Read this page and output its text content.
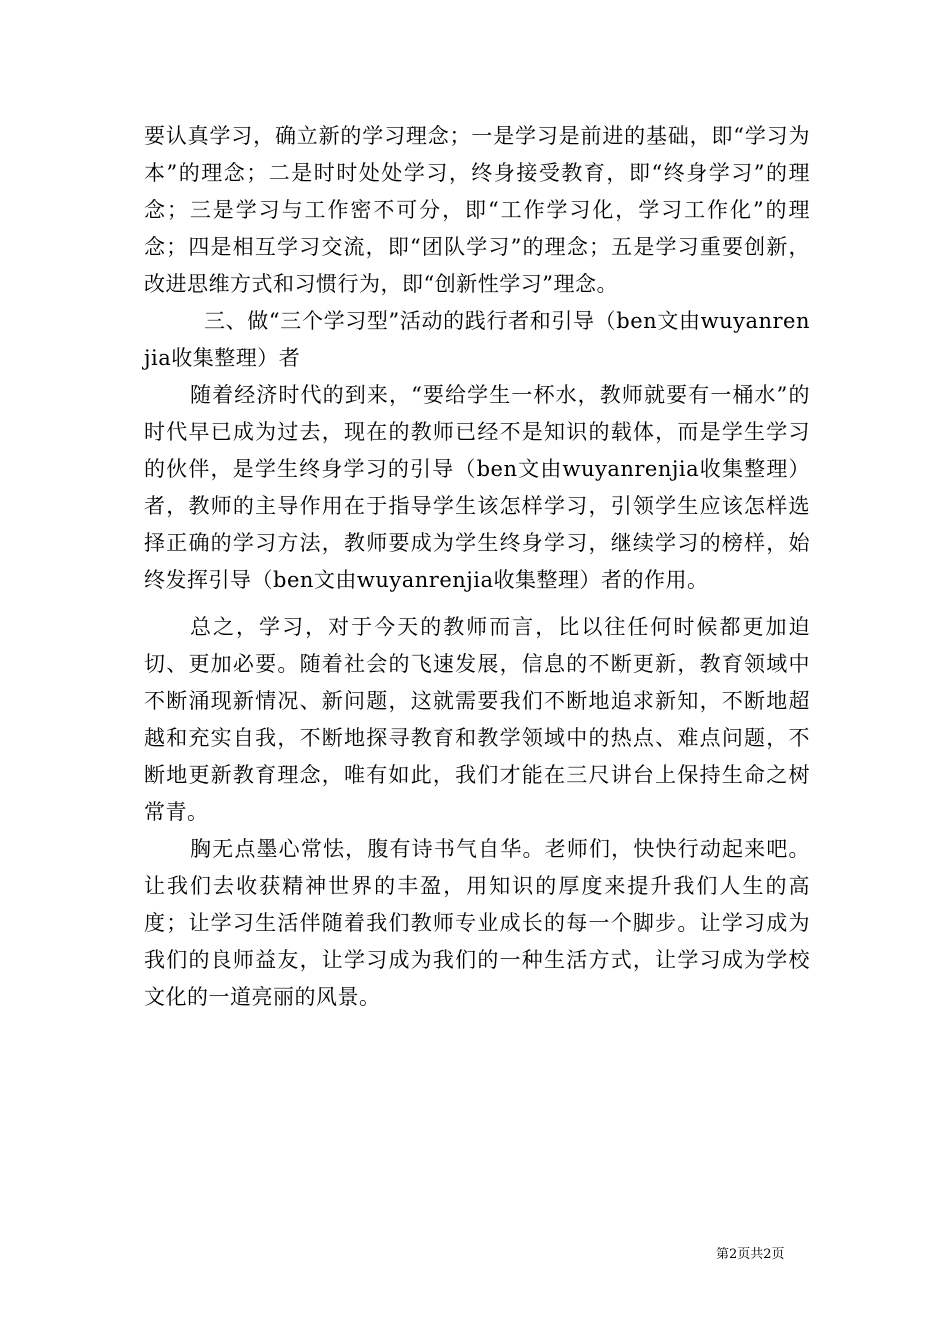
要认真学习，确立新的学习理念；一是学习是前进的基础，即“学习为本”的理念；二是时时处处学习，终身接受教育，即“终身学习”的理念；三是学习与工作密不可分，即“工作学习化，学习工作化”的理念；四是相互学习交流，即“团队学习”的理念；五是学习重要创新，改进思维方式和习惯行为，即“创新性学习”理念。

三、做“三个学习型”活动的践行者和引导（ben文由wuyanrenjia收集整理）者

随着经济时代的到来，“要给学生一杯水，教师就要有一桶水”的时代早已成为过去，现在的教师已经不是知识的载体，而是学生学习的伙伴，是学生终身学习的引导（ben文由wuyanrenjia收集整理）者，教师的主导作用在于指导学生该怎样学习，引领学生应该怎样选择正确的学习方法，教师要成为学生终身学习，继续学习的榜样，始终发挥引导（ben文由wuyanrenjia收集整理）者的作用。

总之，学习，对于今天的教师而言，比以往任何时候都更加迫切、更加必要。随着社会的飞速发展，信息的不断更新，教育领域中不断涌现新情况、新问题，这就需要我们不断地追求新知，不断地超越和充实自我，不断地探寻教育和教学领域中的热点、难点问题，不断地更新教育理念，唯有如此，我们才能在三尺讲台上保持生命之树常青。

胸无点墨心常怯，腹有诗书气自华。老师们，快快行动起来吧。让我们去收获精神世界的丰盈，用知识的厚度来提升我们人生的高度；让学习生活伴随着我们教师专业成长的每一个脚步。让学习成为我们的良师益友，让学习成为我们的一种生活方式，让学习成为学校文化的一道亮丽的风景。

第2页共2页
